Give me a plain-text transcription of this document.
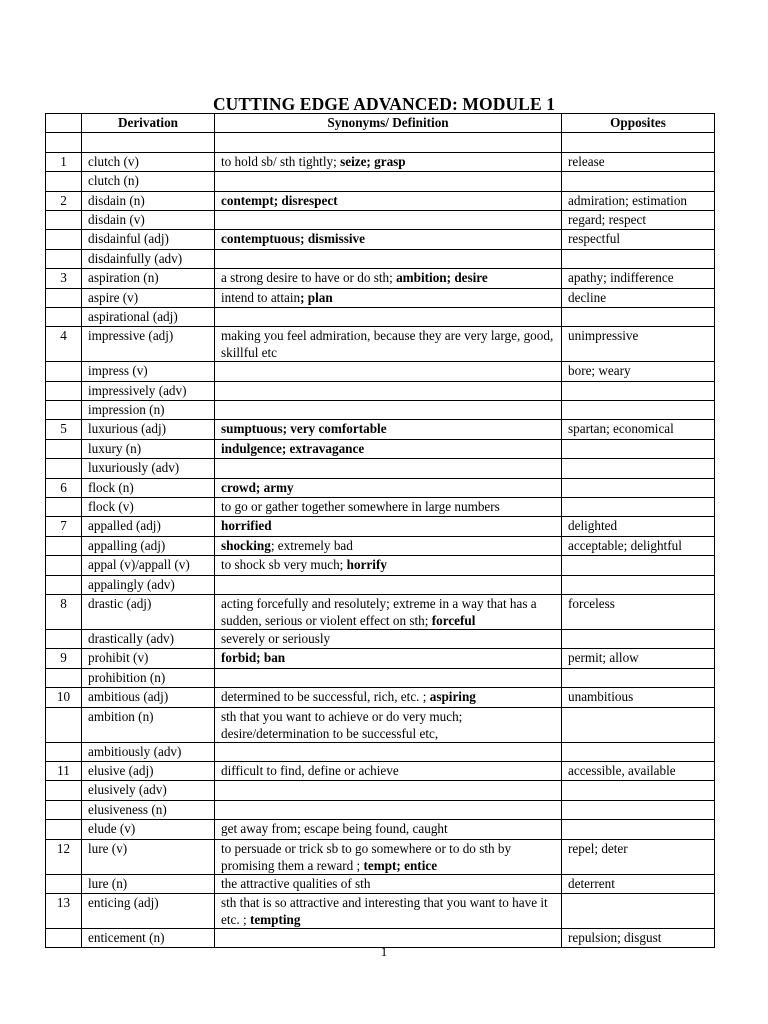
CUTTING EDGE ADVANCED: MODULE 1
	Derivation	Synonyms/ Definition	Opposites

1	clutch (v)	to hold sb/ sth tightly; seize; grasp	release
	clutch (n)		
2	disdain (n)	contempt; disrespect	admiration; estimation
	disdain (v)		regard; respect
	disdainful (adj)	contemptuous; dismissive	respectful
	disdainfully (adv)		
3	aspiration (n)	a strong desire to have or do sth; ambition; desire	apathy; indifference
	aspire (v)	intend to attain; plan	decline
	aspirational (adj)		
4	impressive (adj)	making you feel admiration, because they are very large, good, skillful etc	unimpressive
	impress (v)		bore; weary
	impressively (adv)		
	impression (n)		
5	luxurious (adj)	sumptuous; very comfortable	spartan; economical
	luxury (n)	indulgence; extravagance	
	luxuriously (adv)		
6	flock (n)	crowd; army	
	flock (v)	to go or gather together somewhere in large numbers	
7	appalled (adj)	horrified	delighted
	appalling (adj)	shocking; extremely bad	acceptable; delightful
	appal (v)/appall (v)	to shock sb very much; horrify	
	appalingly (adv)		
8	drastic (adj)	acting forcefully and resolutely; extreme in a way that has a sudden, serious or violent effect on sth; forceful	forceless
	drastically (adv)	severely or seriously	
9	prohibit (v)	forbid; ban	permit; allow
	prohibition (n)		
10	ambitious (adj)	determined to be successful, rich, etc. ; aspiring	unambitious
	ambition (n)	sth that you want to achieve or do very much; desire/determination to be successful etc,	
	ambitiously (adv)		
11	elusive (adj)	difficult to find, define or achieve	accessible, available
	elusively (adv)		
	elusiveness (n)		
	elude (v)	get away from; escape being found, caught	
12	lure (v)	to persuade or trick sb to go somewhere or to do sth by promising them a reward ; tempt; entice	repel; deter
	lure (n)	the attractive qualities of sth	deterrent
13	enticing (adj)	sth that is so attractive and interesting that you want to have it etc. ; tempting	
	enticement (n)		repulsion; disgust
1
